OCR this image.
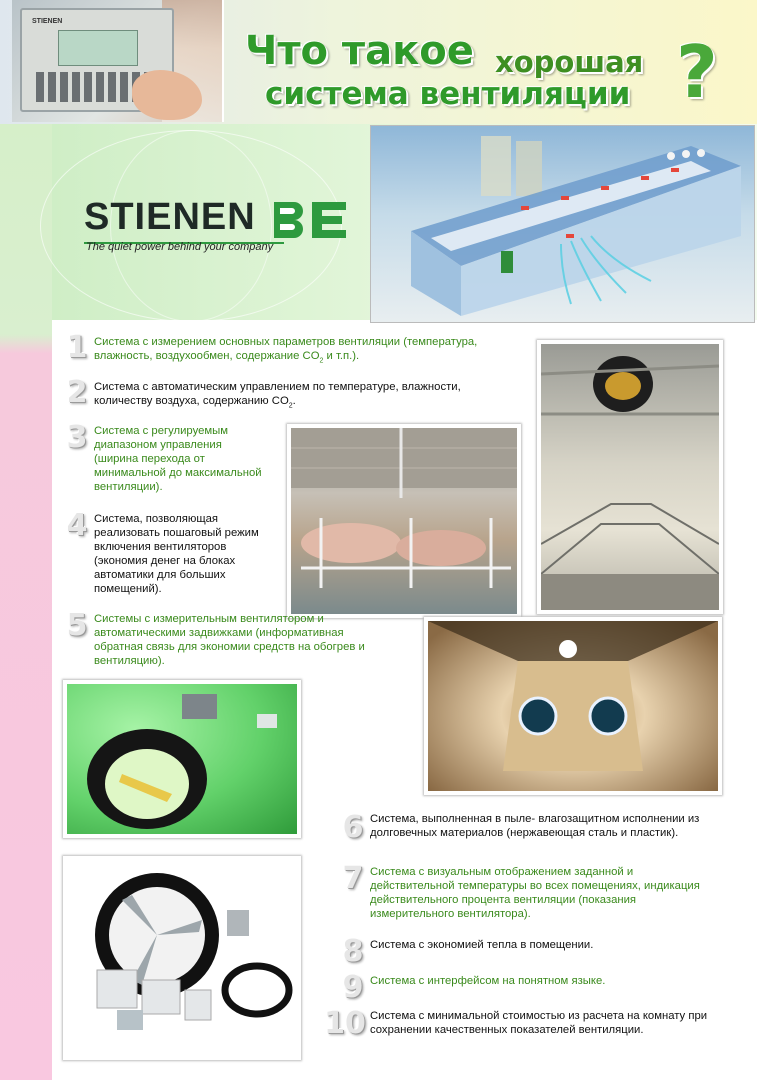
STIENEN
Что такое хорошая
система вентиляции ?
STIENEN
The quiet power behind your company
1 Система с измерением основных параметров вентиляции (температура, влажность, воздухообмен, содержание $CO_2$ и т.п.).
2 Система с автоматическим управлением по температуре, влажности, количеству воздуха, содержанию $CO_2$.
3 Система с регулируемым диапазоном управления (ширина перехода от минимальной до максимальной вентиляции).
4 Система, позволяющая реализовать пошаговый режим включения вентиляторов (экономия денег на блоках автоматики для больших помещений).
5 Системы с измерительным вентилятором и автоматическими задвижками (информативная обратная связь для экономии средств на обогрев и вентиляцию).
6 Система, выполненная в пыле- влагозащитном исполнении из долговечных материалов (нержавеющая сталь и пластик).
7 Система с визуальным отображением заданной и действительной температуры во всех помещениях, индикация действительного процента вентиляции (показания измерительного вентилятора).
8 Система с экономией тепла в помещении.
9 Система с интерфейсом на понятном языке.
10 Система с минимальной стоимостью из расчета на комнату при сохранении качественных показателей вентиляции.
